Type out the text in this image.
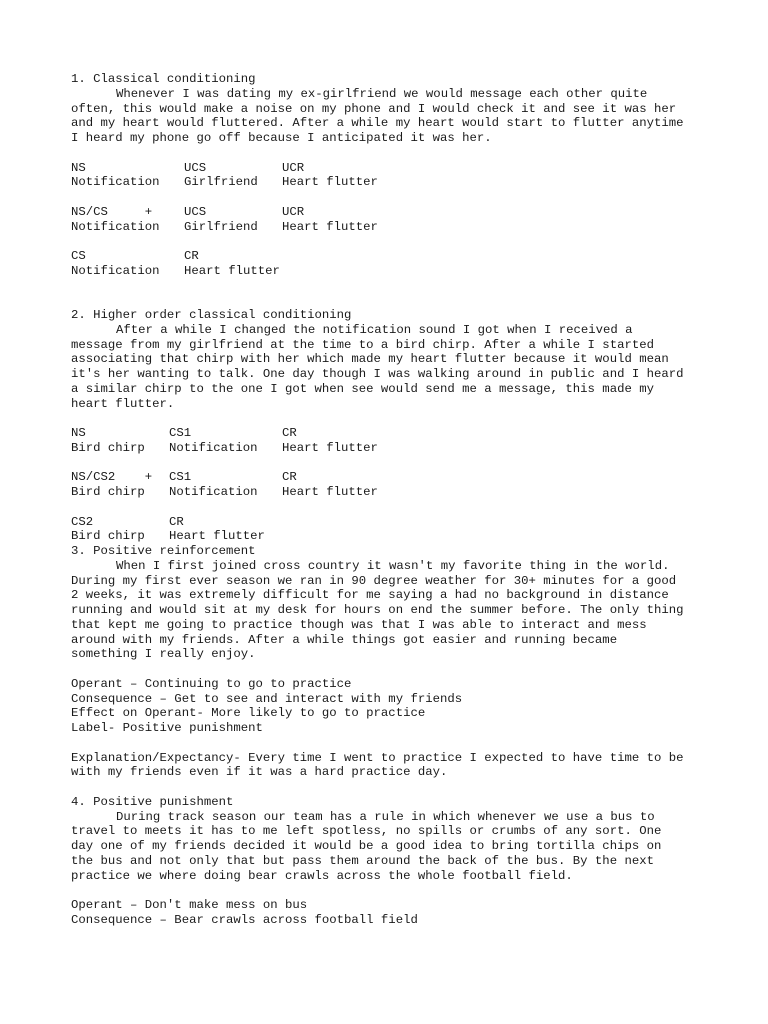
1. Classical conditioning
Whenever I was dating my ex-girlfriend we would message each other quite
often, this would make a noise on my phone and I would check it and see it was her
and my heart would fluttered. After a while my heart would start to flutter anytime
I heard my phone go off because I anticipated it was her.
NS	UCS	UCR
Notification	Girlfriend	Heart flutter
NS/CS     +	UCS	UCR
Notification	Girlfriend	Heart flutter
CS	CR
Notification	Heart flutter
2. Higher order classical conditioning
After a while I changed the notification sound I got when I received a
message from my girlfriend at the time to a bird chirp. After a while I started
associating that chirp with her which made my heart flutter because it would mean
it's her wanting to talk. One day though I was walking around in public and I heard
a similar chirp to the one I got when see would send me a message, this made my
heart flutter.
NS	CS1	CR
Bird chirp	Notification	Heart flutter
NS/CS2    +	CS1	CR
Bird chirp	Notification	Heart flutter
CS2	CR
Bird chirp	Heart flutter
3. Positive reinforcement
When I first joined cross country it wasn't my favorite thing in the world.
During my first ever season we ran in 90 degree weather for 30+ minutes for a good
2 weeks, it was extremely difficult for me saying a had no background in distance
running and would sit at my desk for hours on end the summer before. The only thing
that kept me going to practice though was that I was able to interact and mess
around with my friends. After a while things got easier and running became
something I really enjoy.
Operant – Continuing to go to practice
Consequence – Get to see and interact with my friends
Effect on Operant- More likely to go to practice
Label- Positive punishment
Explanation/Expectancy- Every time I went to practice I expected to have time to be
with my friends even if it was a hard practice day.
4. Positive punishment
During track season our team has a rule in which whenever we use a bus to
travel to meets it has to me left spotless, no spills or crumbs of any sort. One
day one of my friends decided it would be a good idea to bring tortilla chips on
the bus and not only that but pass them around the back of the bus. By the next
practice we where doing bear crawls across the whole football field.
Operant – Don't make mess on bus
Consequence – Bear crawls across football field
